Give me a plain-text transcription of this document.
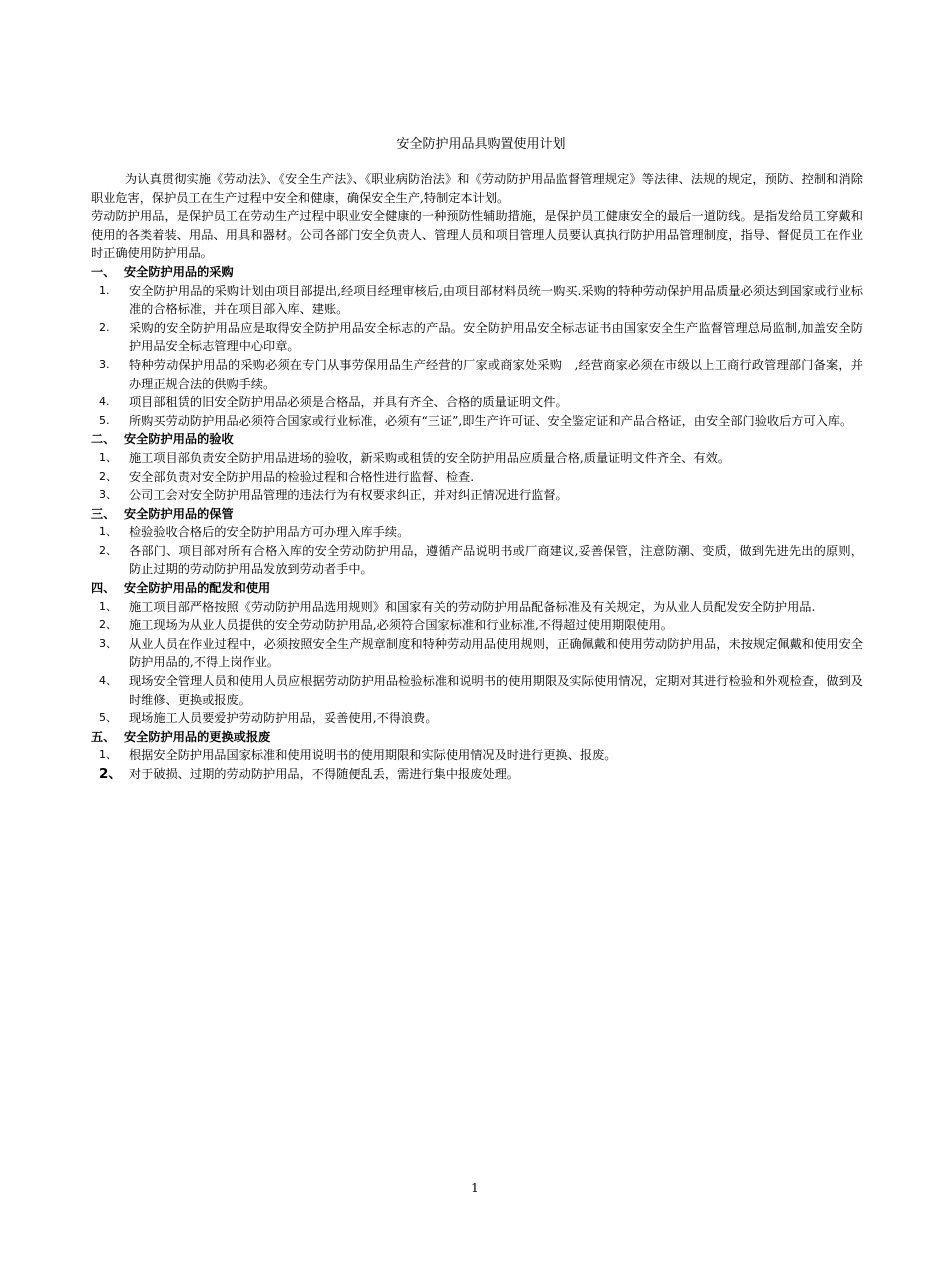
安全防护用品具购置使用计划

为认真贯彻实施《劳动法》、《安全生产法》、《职业病防治法》和《劳动防护用品监督管理规定》等法律、法规的规定，预防、控制和消除职业危害，保护员工在生产过程中安全和健康，确保安全生产,特制定本计划。

劳动防护用品，是保护员工在劳动生产过程中职业安全健康的一种预防性辅助措施，是保护员工健康安全的最后一道防线。是指发给员工穿戴和使用的各类着装、用品、用具和器材。公司各部门安全负责人、管理人员和项目管理人员要认真执行防护用品管理制度，指导、督促员工在作业时正确使用防护用品。

一、 安全防护用品的采购
1.	安全防护用品的采购计划由项目部提出,经项目经理审核后,由项目部材料员统一购买.采购的特种劳动保护用品质量必须达到国家或行业标准的合格标准，并在项目部入库、建账。
2.	采购的安全防护用品应是取得安全防护用品安全标志的产品。安全防护用品安全标志证书由国家安全生产监督管理总局监制,加盖安全防护用品安全标志管理中心印章。
3.	特种劳动保护用品的采购必须在专门从事劳保用品生产经营的厂家或商家处采购　,经营商家必须在市级以上工商行政管理部门备案，并办理正规合法的供购手续。
4.	项目部租赁的旧安全防护用品必须是合格品，并具有齐全、合格的质量证明文件。
5.	所购买劳动防护用品必须符合国家或行业标准，必须有“三证”,即生产许可证、安全鉴定证和产品合格证，由安全部门验收后方可入库。
二、 安全防护用品的验收
1、 施工项目部负责安全防护用品进场的验收，新采购或租赁的安全防护用品应质量合格,质量证明文件齐全、有效。
2、 安全部负责对安全防护用品的检验过程和合格性进行监督、检查.
3、 公司工会对安全防护用品管理的违法行为有权要求纠正，并对纠正情况进行监督。
三、 安全防护用品的保管
1、 检验验收合格后的安全防护用品方可办理入库手续。
2、 各部门、项目部对所有合格入库的安全劳动防护用品，遵循产品说明书或厂商建议,妥善保管，注意防潮、变质，做到先进先出的原则，防止过期的劳动防护用品发放到劳动者手中。
四、 安全防护用品的配发和使用
1、 施工项目部严格按照《劳动防护用品选用规则》和国家有关的劳动防护用品配备标准及有关规定，为从业人员配发安全防护用品.
2、 施工现场为从业人员提供的安全劳动防护用品,必须符合国家标准和行业标准,不得超过使用期限使用。
3、 从业人员在作业过程中，必须按照安全生产规章制度和特种劳动用品使用规则，正确佩戴和使用劳动防护用品，未按规定佩戴和使用安全防护用品的,不得上岗作业。
4、 现场安全管理人员和使用人员应根据劳动防护用品检验标准和说明书的使用期限及实际使用情况，定期对其进行检验和外观检查，做到及时维修、更换或报废。
5、 现场施工人员要爱护劳动防护用品，妥善使用,不得浪费。
五、 安全防护用品的更换或报废
1、 根据安全防护用品国家标准和使用说明书的使用期限和实际使用情况及时进行更换、报废。
2、 对于破损、过期的劳动防护用品，不得随便乱丢，需进行集中报废处理。
1
